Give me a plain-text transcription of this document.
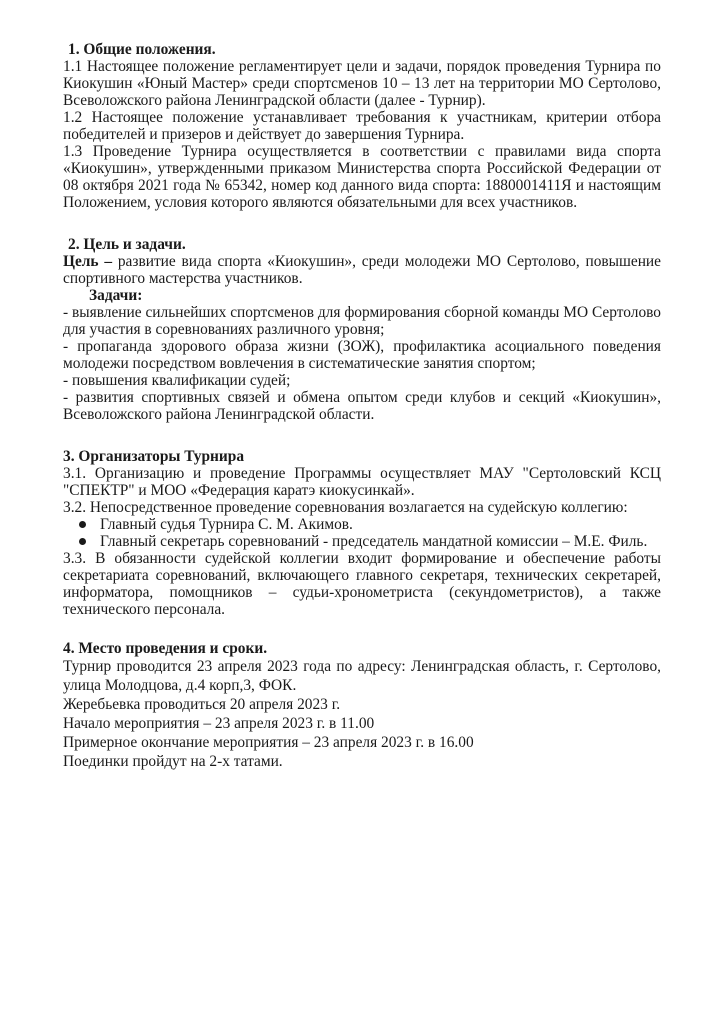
1. Общие положения.

1.1 Настоящее положение регламентирует цели и задачи, порядок проведения Турнира по Киокушин «Юный Мастер» среди спортсменов 10 – 13 лет на территории МО Сертолово, Всеволожского района Ленинградской области (далее - Турнир).

1.2 Настоящее положение устанавливает требования к участникам, критерии отбора победителей и призеров и действует до завершения Турнира.

1.3 Проведение Турнира осуществляется в соответствии с правилами вида спорта «Киокушин», утвержденными приказом Министерства спорта Российской Федерации от 08 октября 2021 года № 65342, номер код данного вида спорта: 1880001411Я и настоящим Положением, условия которого являются обязательными для всех участников.

2. Цель и задачи.

Цель – развитие вида спорта «Киокушин», среди молодежи МО Сертолово, повышение спортивного мастерства участников.

Задачи:

- выявление сильнейших спортсменов для формирования сборной команды МО Сертолово для участия в соревнованиях различного уровня;

- пропаганда здорового образа жизни (ЗОЖ), профилактика асоциального поведения молодежи посредством вовлечения в систематические занятия спортом;

- повышения квалификации судей;

- развития спортивных связей и обмена опытом среди клубов и секций «Киокушин», Всеволожского района Ленинградской области.

3. Организаторы Турнира

3.1. Организацию и проведение Программы осуществляет МАУ "Сертоловский КСЦ "СПЕКТР" и МОО «Федерация каратэ киокусинкай».

3.2. Непосредственное проведение соревнования возлагается на судейскую коллегию:

Главный судья Турнира С. М. Акимов.
Главный секретарь соревнований - председатель мандатной комиссии – М.Е. Филь.

3.3. В обязанности судейской коллегии входит формирование и обеспечение работы секретариата соревнований, включающего главного секретаря, технических секретарей, информатора, помощников – судьи-хронометриста (секундометристов), а также технического персонала.

4. Место проведения и сроки.

Турнир проводится 23 апреля 2023 года по адресу: Ленинградская область, г. Сертолово, улица Молодцова, д.4 корп,3, ФОК.

Жеребьевка проводиться 20 апреля 2023 г.

Начало мероприятия – 23 апреля 2023 г. в 11.00

Примерное окончание мероприятия – 23 апреля 2023 г. в 16.00

Поединки пройдут на 2-х татами.
